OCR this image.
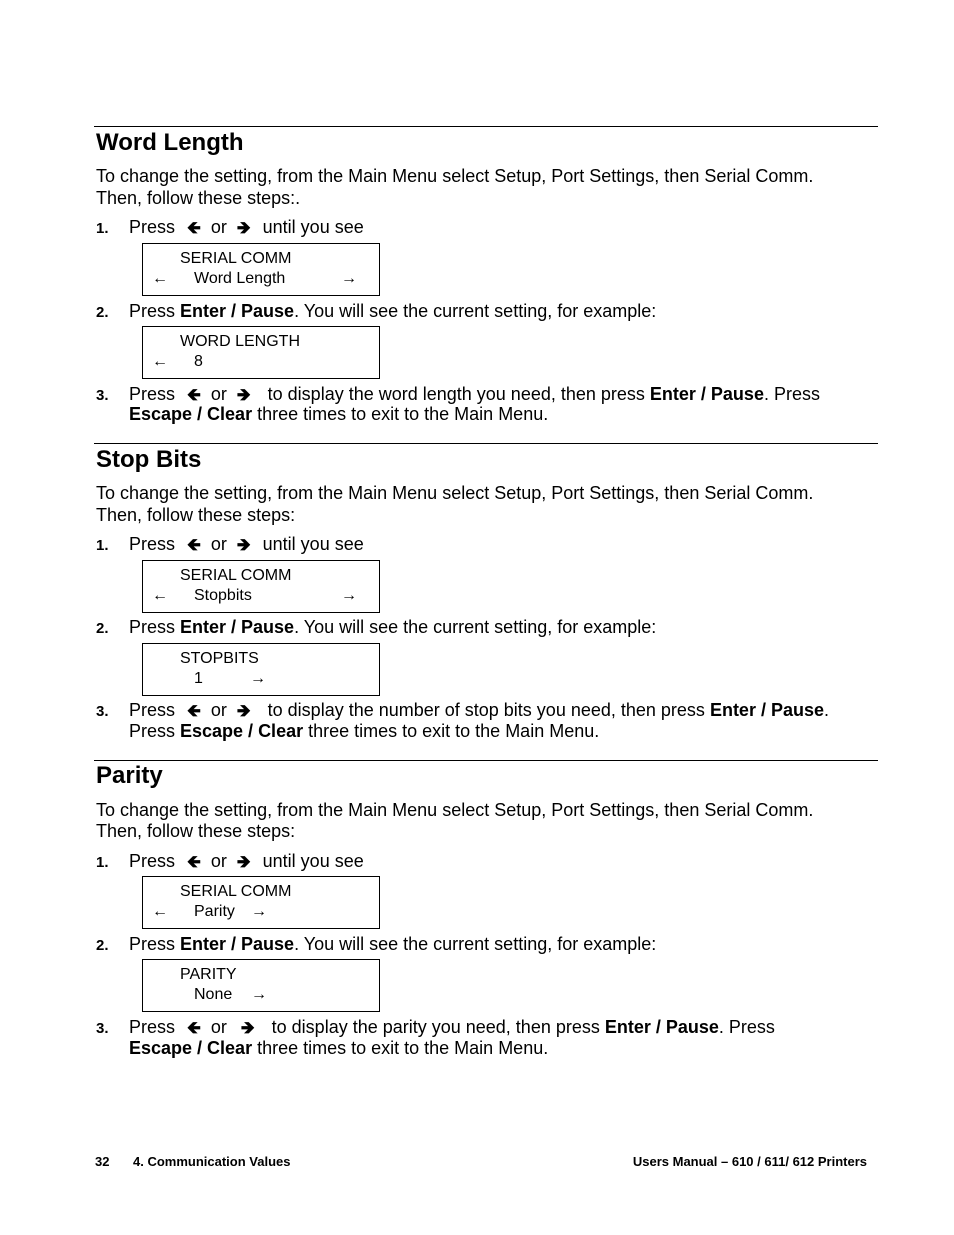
Word Length
To change the setting, from the Main Menu select Setup, Port Settings, then Serial Comm.
Then, follow these steps:.
1. Press 🡸 or 🡺 until you see
SERIAL COMM
← Word Length	→
2. Press Enter / Pause. You will see the current setting, for example:
WORD LENGTH
← 8
3. Press 🡸 or 🡺 to display the word length you need, then press Enter / Pause. Press
Escape / Clear three times to exit to the Main Menu.
Stop Bits
To change the setting, from the Main Menu select Setup, Port Settings, then Serial Comm.
Then, follow these steps:
1. Press 🡸 or 🡺 until you see
SERIAL COMM
← Stopbits	→
2. Press Enter / Pause. You will see the current setting, for example:
STOPBITS
1	→
3. Press 🡸 or 🡺 to display the number of stop bits you need, then press Enter / Pause.
Press Escape / Clear three times to exit to the Main Menu.
Parity
To change the setting, from the Main Menu select Setup, Port Settings, then Serial Comm.
Then, follow these steps:
1. Press 🡸 or 🡺 until you see
SERIAL COMM
← Parity →
2. Press Enter / Pause. You will see the current setting, for example:
PARITY
None →
3. Press 🡸 or 🡺 to display the parity you need, then press Enter / Pause. Press
Escape / Clear three times to exit to the Main Menu.
32 4. Communication Values	Users Manual – 610 / 611/ 612 Printers
